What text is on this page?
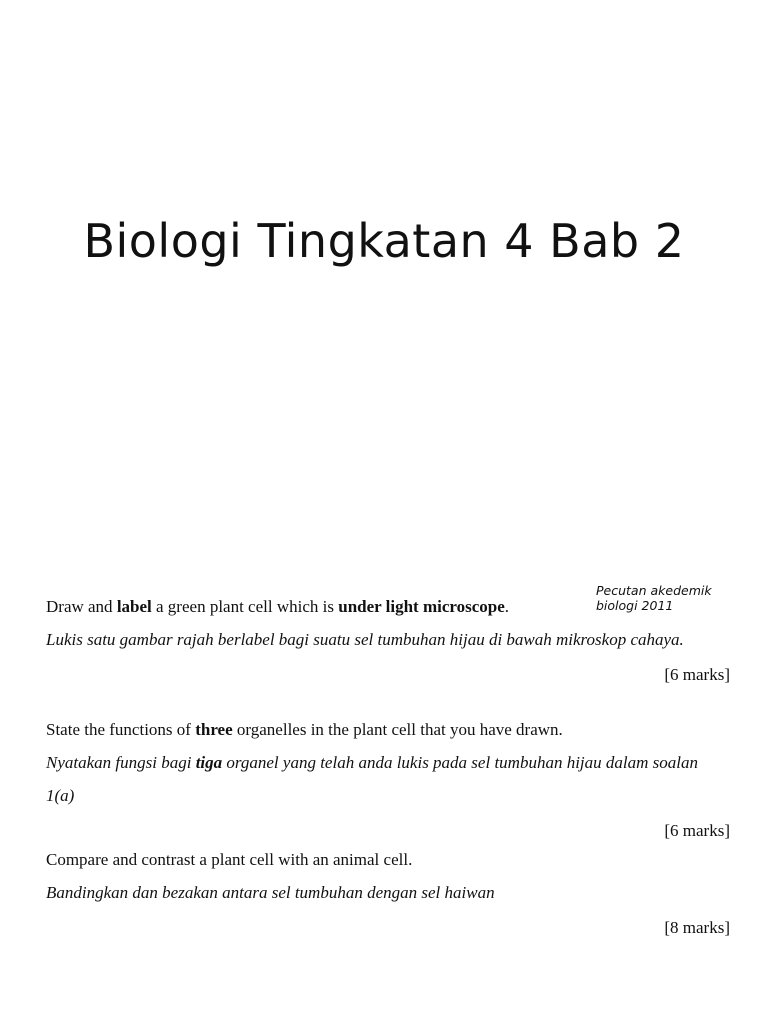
Biologi Tingkatan 4 Bab 2
Pecutan akedemik
biologi 2011
Draw and label a green plant cell which is under light microscope.
Lukis satu gambar rajah berlabel bagi suatu sel tumbuhan hijau di bawah mikroskop cahaya.
[6 marks]
State the functions of three organelles in the plant cell that you have drawn.
Nyatakan fungsi bagi tiga organel yang telah anda lukis pada sel tumbuhan hijau dalam soalan 1(a)
[6 marks]
Compare and contrast a plant cell with an animal cell.
Bandingkan dan bezakan antara sel tumbuhan dengan sel haiwan
[8 marks]
